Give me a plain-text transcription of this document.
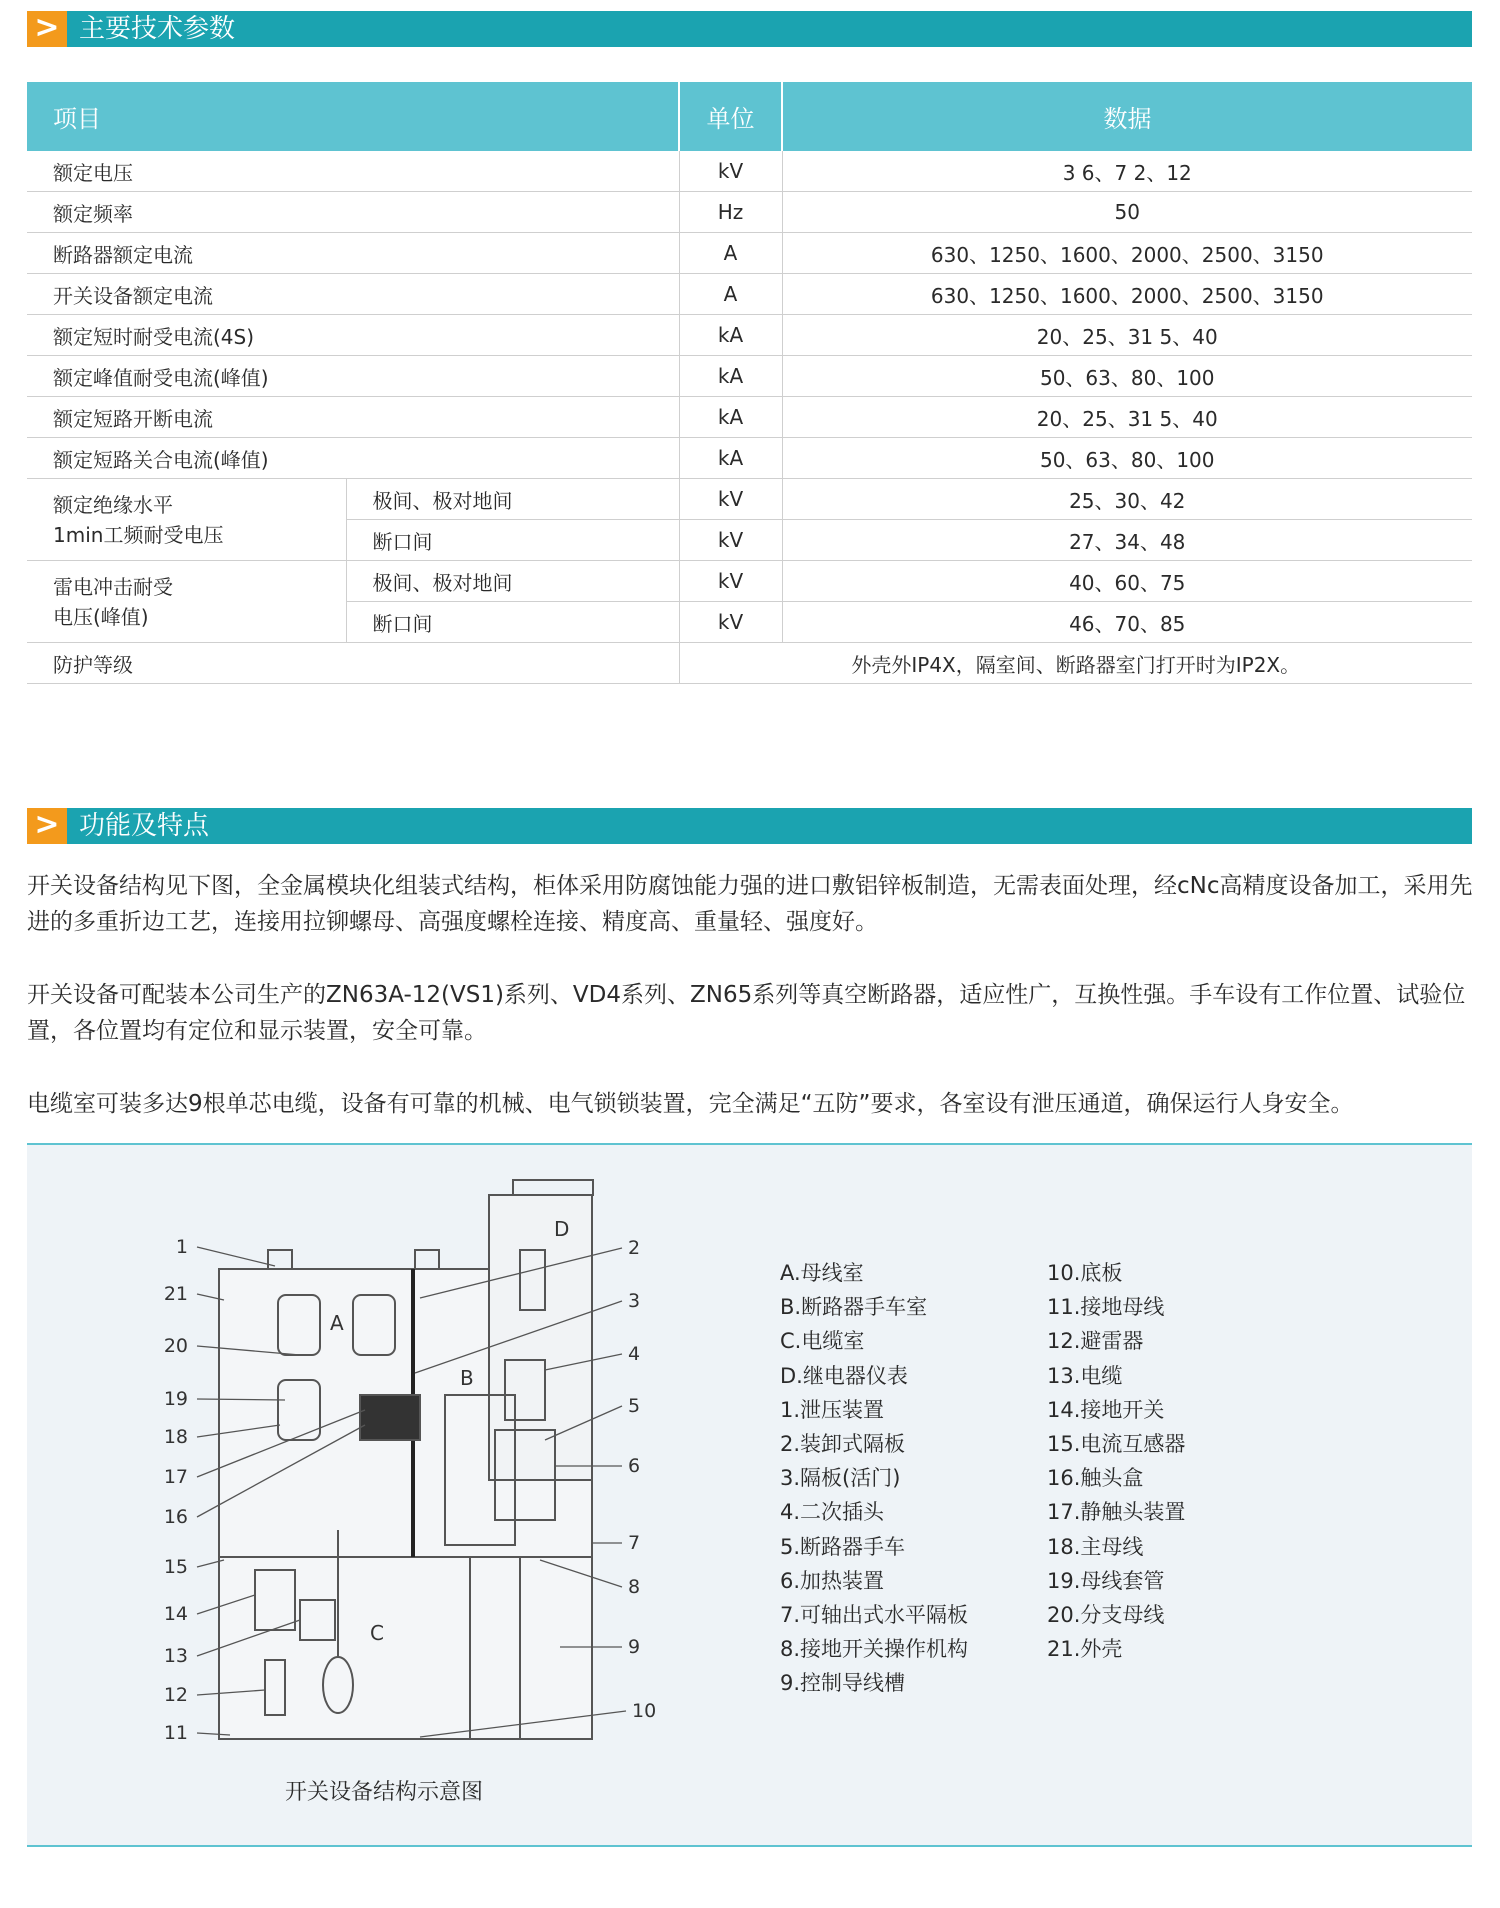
> 主要技术参数
项目		单位	数据
额定电压		kV	3 6、7 2、12
额定频率		Hz	50
断路器额定电流		A	630、1250、1600、2000、2500、3150
开关设备额定电流		A	630、1250、1600、2000、2500、3150
额定短时耐受电流(4S)		kA	20、25、31 5、40
额定峰值耐受电流(峰值)		kA	50、63、80、100
额定短路开断电流		kA	20、25、31 5、40
额定短路关合电流(峰值)		kA	50、63、80、100

额定绝缘水平
1min工频耐受电压	极间、极对地间	kV	25、30、42
	断口间	kV	27、34、48

雷电冲击耐受
电压(峰值)	极间、极对地间	kV	40、60、75
	断口间	kV	46、70、85
防护等级		外壳外IP4X，隔室间、断路器室门打开时为IP2X。	
> 功能及特点
开关设备结构见下图，全金属模块化组装式结构，柜体采用防腐蚀能力强的进口敷铝锌板制造，无需表面处理，经cNc高精度设备加工，采用先进的多重折边工艺，连接用拉铆螺母、高强度螺栓连接、精度高、重量轻、强度好。
开关设备可配装本公司生产的ZN63A-12(VS1)系列、VD4系列、ZN65系列等真空断路器，适应性广，互换性强。手车设有工作位置、试验位置，各位置均有定位和显示装置，安全可靠。
电缆室可装多达9根单芯电缆，设备有可靠的机械、电气锁锁装置，完全满足“五防”要求，各室设有泄压通道，确保运行人身安全。
A
B
C
D
1
21
20
19
18
17
16
15
14
13
12
11
2
3
4
5
6
7
8
9
10
A.母线室
B.断路器手车室
C.电缆室
D.继电器仪表
1.泄压装置
2.装卸式隔板
3.隔板(活门)
4.二次插头
5.断路器手车
6.加热装置
7.可轴出式水平隔板
8.接地开关操作机构
9.控制导线槽
10.底板
11.接地母线
12.避雷器
13.电缆
14.接地开关
15.电流互感器
16.触头盒
17.静触头装置
18.主母线
19.母线套管
20.分支母线
21.外壳
开关设备结构示意图
